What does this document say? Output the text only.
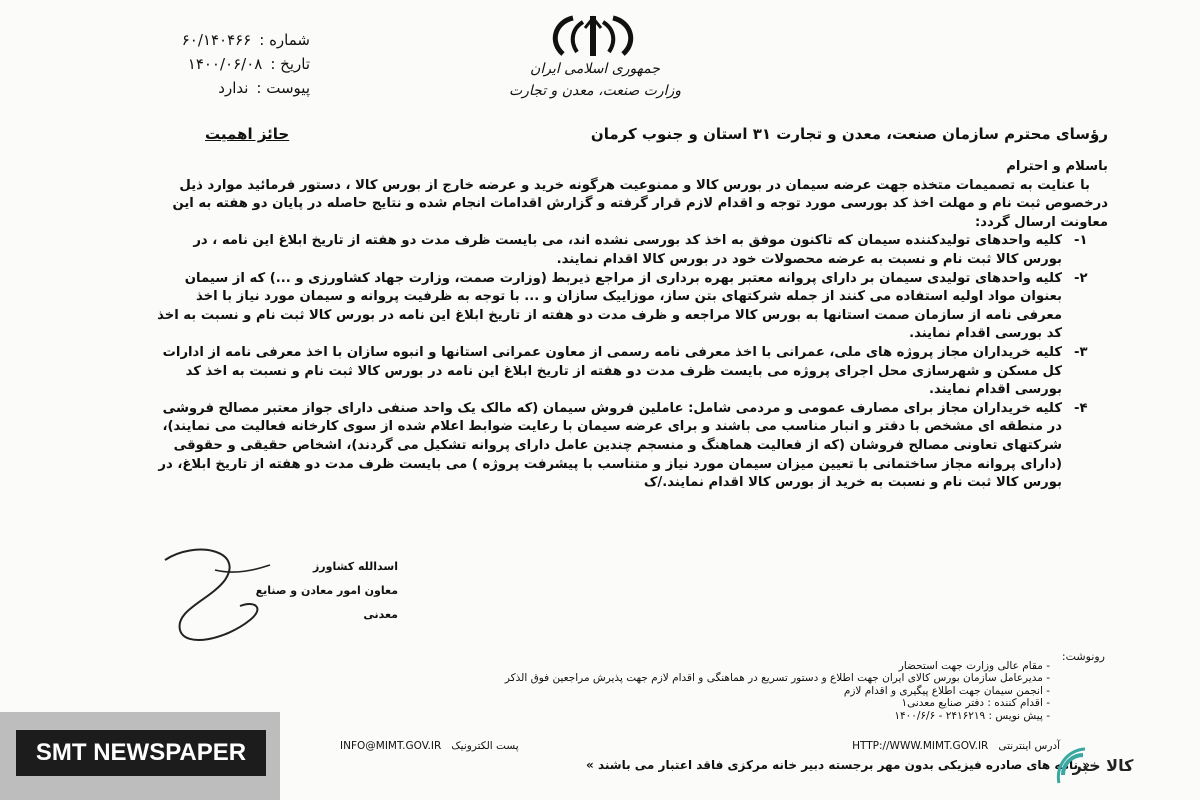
شماره :
۶۰/۱۴۰۴۶۶
تاریخ :
۱۴۰۰/۰۶/۰۸
پیوست :
ندارد
جمهوری اسلامی ایران
وزارت صنعت، معدن و تجارت
رؤسای محترم سازمان صنعت، معدن و تجارت ۳۱ استان و جنوب کرمان
حائز اهمیت

باسلام و احترام

با عنایت به تصمیمات متخذه جهت عرضه سیمان در بورس کالا و ممنوعیت هرگونه خرید و عرضه خارج از بورس کالا ، دستور فرمائید موارد ذیل درخصوص ثبت نام و مهلت اخذ کد بورسی مورد توجه و اقدام لازم قرار گرفته و گزارش اقدامات انجام شده و نتایج حاصله در پایان دو هفته به این معاونت ارسال گردد:

۱-
کلیه واحدهای تولیدکننده سیمان که تاکنون موفق به اخذ کد بورسی نشده اند، می بایست ظرف مدت دو هفته از تاریخ ابلاغ این نامه ، در بورس کالا ثبت نام و نسبت به عرضه محصولات خود در بورس کالا اقدام نمایند.
۲-
کلیه واحدهای تولیدی سیمان بر دارای پروانه معتبر بهره برداری از مراجع ذیربط (وزارت صمت، وزارت جهاد کشاورزی و ...) که از سیمان بعنوان مواد اولیه استفاده می کنند از جمله شرکتهای بتن ساز، موزاییک سازان و ... با توجه به ظرفیت پروانه و سیمان مورد نیاز با اخذ معرفی نامه از سازمان صمت استانها به بورس کالا مراجعه و ظرف مدت دو هفته از تاریخ ابلاغ این نامه در بورس کالا ثبت نام و نسبت به اخذ کد بورسی اقدام نمایند.
۳-
کلیه خریداران مجاز پروژه های ملی، عمرانی با اخذ معرفی نامه رسمی از معاون عمرانی استانها و انبوه سازان با اخذ معرفی نامه از ادارات کل مسکن و شهرسازی محل اجرای پروژه می بایست ظرف مدت دو هفته از تاریخ ابلاغ این نامه در بورس کالا ثبت نام و نسبت به اخذ کد بورسی اقدام نمایند.
۴-
کلیه خریداران مجاز برای مصارف عمومی و مردمی شامل: عاملین فروش سیمان (که مالک یک واحد صنفی دارای جواز معتبر مصالح فروشی در منطقه ای مشخص با دفتر و انبار مناسب می باشند و برای عرضه سیمان با رعایت ضوابط اعلام شده از سوی کارخانه فعالیت می نمایند)، شرکتهای تعاونی مصالح فروشان (که از فعالیت هماهنگ و منسجم چندین عامل دارای پروانه تشکیل می گردند)، اشخاص حقیقی و حقوقی (دارای پروانه مجاز ساختمانی با تعیین میزان سیمان مورد نیاز و متناسب با پیشرفت پروژه ) می بایست ظرف مدت دو هفته از تاریخ ابلاغ، در بورس کالا ثبت نام و نسبت به خرید از بورس کالا اقدام نمایند./ک
اسدالله کشاورز
معاون امور معادن و صنایع معدنی
رونوشت:
- مقام عالی وزارت جهت استحضار
- مدیرعامل سازمان بورس کالای ایران جهت اطلاع و دستور تسریع در هماهنگی و اقدام لازم جهت پذیرش مراجعین فوق الذکر
- انجمن سیمان جهت اطلاع پیگیری و اقدام لازم
- اقدام کننده : دفتر صنایع معدنی۱
- پیش نویس : ۲۴۱۶۲۱۹ - ۱۴۰۰/۶/۶
INFO@MIMT.GOV.IR پست الکترونیک	HTTP://WWW.MIMT.GOV.IR آدرس اینترنتی
« نامه های صادره فیزیکی بدون مهر برجسته دبیر خانه مرکزی فاقد اعتبار می باشند »
SMT NEWSPAPER	کالا خبر
